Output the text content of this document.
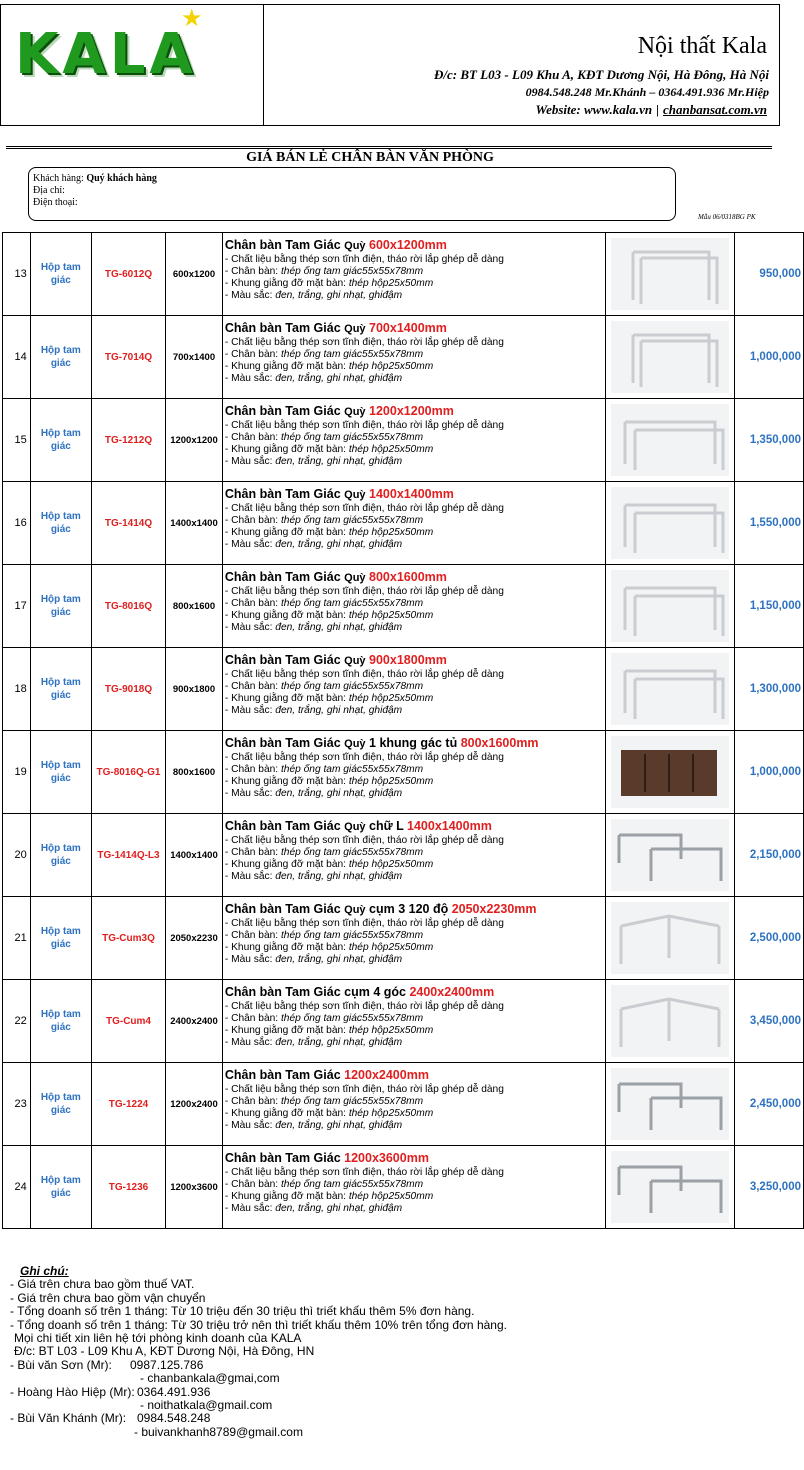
KALA
★
Nội thất Kala
Đ/c: BT L03 - L09 Khu A, KĐT Dương Nội, Hà Đông, Hà Nội
0984.548.248 Mr.Khánh – 0364.491.936 Mr.Hiệp
Website: www.kala.vn | chanbansat.com.vn
GIÁ BÁN LẺ CHÂN BÀN VĂN PHÒNG
Khách hàng: Quý khách hàng
Địa chỉ:
Điện thoại:
Mẫu 06/0318BG PK
13	Hộp tam giác	TG-6012Q	600x1200	Chân bàn Tam Giác Quỳ 600x1200mm
- Chất liệu bằng thép sơn tĩnh điện, tháo rời lắp ghép dễ dàng
- Chân bàn: thép ống tam giác55x55x78mm
- Khung giằng đỡ mặt bàn: thép hộp25x50mm
- Màu sắc: đen, trắng, ghi nhạt, ghiđậm		950,000
14	Hộp tam giác	TG-7014Q	700x1400	Chân bàn Tam Giác Quỳ 700x1400mm
- Chất liệu bằng thép sơn tĩnh điện, tháo rời lắp ghép dễ dàng
- Chân bàn: thép ống tam giác55x55x78mm
- Khung giằng đỡ mặt bàn: thép hộp25x50mm
- Màu sắc: đen, trắng, ghi nhạt, ghiđậm		1,000,000
15	Hộp tam giác	TG-1212Q	1200x1200	Chân bàn Tam Giác Quỳ 1200x1200mm
- Chất liệu bằng thép sơn tĩnh điện, tháo rời lắp ghép dễ dàng
- Chân bàn: thép ống tam giác55x55x78mm
- Khung giằng đỡ mặt bàn: thép hộp25x50mm
- Màu sắc: đen, trắng, ghi nhạt, ghiđậm		1,350,000
16	Hộp tam giác	TG-1414Q	1400x1400	Chân bàn Tam Giác Quỳ 1400x1400mm
- Chất liệu bằng thép sơn tĩnh điện, tháo rời lắp ghép dễ dàng
- Chân bàn: thép ống tam giác55x55x78mm
- Khung giằng đỡ mặt bàn: thép hộp25x50mm
- Màu sắc: đen, trắng, ghi nhạt, ghiđậm		1,550,000
17	Hộp tam giác	TG-8016Q	800x1600	Chân bàn Tam Giác Quỳ 800x1600mm
- Chất liệu bằng thép sơn tĩnh điện, tháo rời lắp ghép dễ dàng
- Chân bàn: thép ống tam giác55x55x78mm
- Khung giằng đỡ mặt bàn: thép hộp25x50mm
- Màu sắc: đen, trắng, ghi nhạt, ghiđậm		1,150,000
18	Hộp tam giác	TG-9018Q	900x1800	Chân bàn Tam Giác Quỳ 900x1800mm
- Chất liệu bằng thép sơn tĩnh điện, tháo rời lắp ghép dễ dàng
- Chân bàn: thép ống tam giác55x55x78mm
- Khung giằng đỡ mặt bàn: thép hộp25x50mm
- Màu sắc: đen, trắng, ghi nhạt, ghiđậm		1,300,000
19	Hộp tam giác	TG-8016Q-G1	800x1600	Chân bàn Tam Giác Quỳ 1 khung gác tủ 800x1600mm
- Chất liệu bằng thép sơn tĩnh điện, tháo rời lắp ghép dễ dàng
- Chân bàn: thép ống tam giác55x55x78mm
- Khung giằng đỡ mặt bàn: thép hộp25x50mm
- Màu sắc: đen, trắng, ghi nhạt, ghiđậm		1,000,000
20	Hộp tam giác	TG-1414Q-L3	1400x1400	Chân bàn Tam Giác Quỳ chữ L 1400x1400mm
- Chất liệu bằng thép sơn tĩnh điện, tháo rời lắp ghép dễ dàng
- Chân bàn: thép ống tam giác55x55x78mm
- Khung giằng đỡ mặt bàn: thép hộp25x50mm
- Màu sắc: đen, trắng, ghi nhạt, ghiđậm		2,150,000
21	Hộp tam giác	TG-Cum3Q	2050x2230	Chân bàn Tam Giác Quỳ cụm 3 120 độ 2050x2230mm
- Chất liệu bằng thép sơn tĩnh điện, tháo rời lắp ghép dễ dàng
- Chân bàn: thép ống tam giác55x55x78mm
- Khung giằng đỡ mặt bàn: thép hộp25x50mm
- Màu sắc: đen, trắng, ghi nhạt, ghiđậm		2,500,000
22	Hộp tam giác	TG-Cum4	2400x2400	Chân bàn Tam Giác cụm 4 góc 2400x2400mm
- Chất liệu bằng thép sơn tĩnh điện, tháo rời lắp ghép dễ dàng
- Chân bàn: thép ống tam giác55x55x78mm
- Khung giằng đỡ mặt bàn: thép hộp25x50mm
- Màu sắc: đen, trắng, ghi nhạt, ghiđậm		3,450,000
23	Hộp tam giác	TG-1224	1200x2400	Chân bàn Tam Giác 1200x2400mm
- Chất liệu bằng thép sơn tĩnh điện, tháo rời lắp ghép dễ dàng
- Chân bàn: thép ống tam giác55x55x78mm
- Khung giằng đỡ mặt bàn: thép hộp25x50mm
- Màu sắc: đen, trắng, ghi nhạt, ghiđậm		2,450,000
24	Hộp tam giác	TG-1236	1200x3600	Chân bàn Tam Giác 1200x3600mm
- Chất liệu bằng thép sơn tĩnh điện, tháo rời lắp ghép dễ dàng
- Chân bàn: thép ống tam giác55x55x78mm
- Khung giằng đỡ mặt bàn: thép hộp25x50mm
- Màu sắc: đen, trắng, ghi nhạt, ghiđậm		3,250,000
Ghi chú:
- Giá trên chưa bao gồm thuế VAT.
- Giá trên chưa bao gồm vận chuyển
- Tổng doanh số trên 1 tháng: Từ 10 triệu đến 30 triệu thì triết khấu thêm 5% đơn hàng.
- Tổng doanh số trên 1 tháng: Từ 30 triệu trở nên thì triết khấu thêm 10% trên tổng đơn hàng.
Mọi chi tiết xin liên hệ tới phòng kinh doanh của KALA
Đ/c: BT L03 - L09 Khu A, KĐT Dương Nội, Hà Đông, HN
- Bùi văn Sơn (Mr): 0987.125.786
- chanbankala@gmai,com
- Hoàng Hào Hiệp (Mr): 0364.491.936
- noithatkala@gmail.com
- Bùi Văn Khánh (Mr): 0984.548.248
- buivankhanh8789@gmail.com
